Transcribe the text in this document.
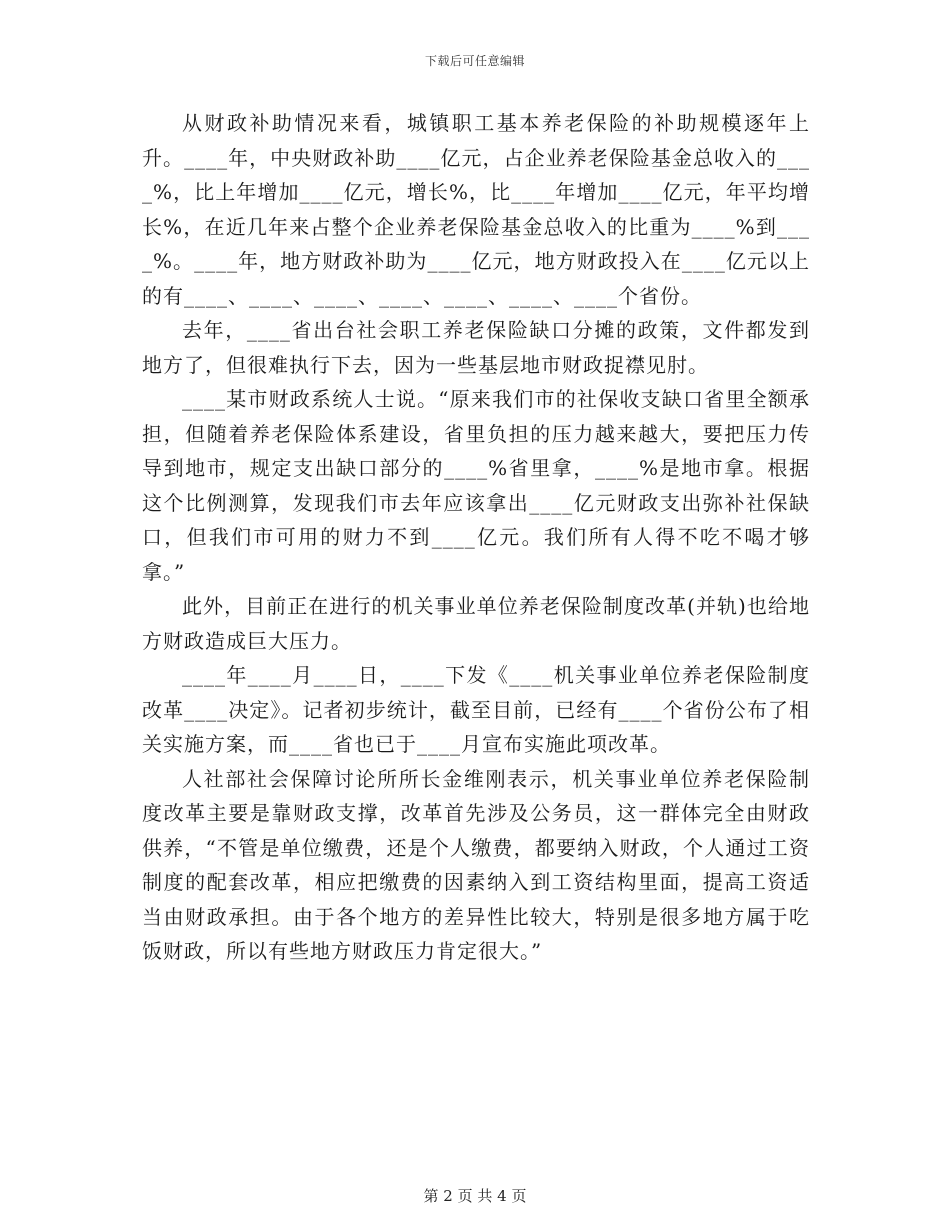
下载后可任意编辑

从财政补助情况来看，城镇职工基本养老保险的补助规模逐年上升。____年，中央财政补助____亿元，占企业养老保险基金总收入的____%，比上年增加____亿元，增长%，比____年增加____亿元，年平均增长%，在近几年来占整个企业养老保险基金总收入的比重为____%到____%。____年，地方财政补助为____亿元，地方财政投入在____亿元以上的有____、____、____、____、____、____、____个省份。

去年，____省出台社会职工养老保险缺口分摊的政策，文件都发到地方了，但很难执行下去，因为一些基层地市财政捉襟见肘。

____某市财政系统人士说。“原来我们市的社保收支缺口省里全额承担，但随着养老保险体系建设，省里负担的压力越来越大，要把压力传导到地市，规定支出缺口部分的____%省里拿，____%是地市拿。根据这个比例测算，发现我们市去年应该拿出____亿元财政支出弥补社保缺口，但我们市可用的财力不到____亿元。我们所有人得不吃不喝才够拿。”

此外，目前正在进行的机关事业单位养老保险制度改革(并轨)也给地方财政造成巨大压力。

____年____月____日，____下发《____机关事业单位养老保险制度改革____决定》。记者初步统计，截至目前，已经有____个省份公布了相关实施方案，而____省也已于____月宣布实施此项改革。

人社部社会保障讨论所所长金维刚表示，机关事业单位养老保险制度改革主要是靠财政支撑，改革首先涉及公务员，这一群体完全由财政供养，“不管是单位缴费，还是个人缴费，都要纳入财政，个人通过工资制度的配套改革，相应把缴费的因素纳入到工资结构里面，提高工资适当由财政承担。由于各个地方的差异性比较大，特别是很多地方属于吃饭财政，所以有些地方财政压力肯定很大。”

第 2 页 共 4 页
